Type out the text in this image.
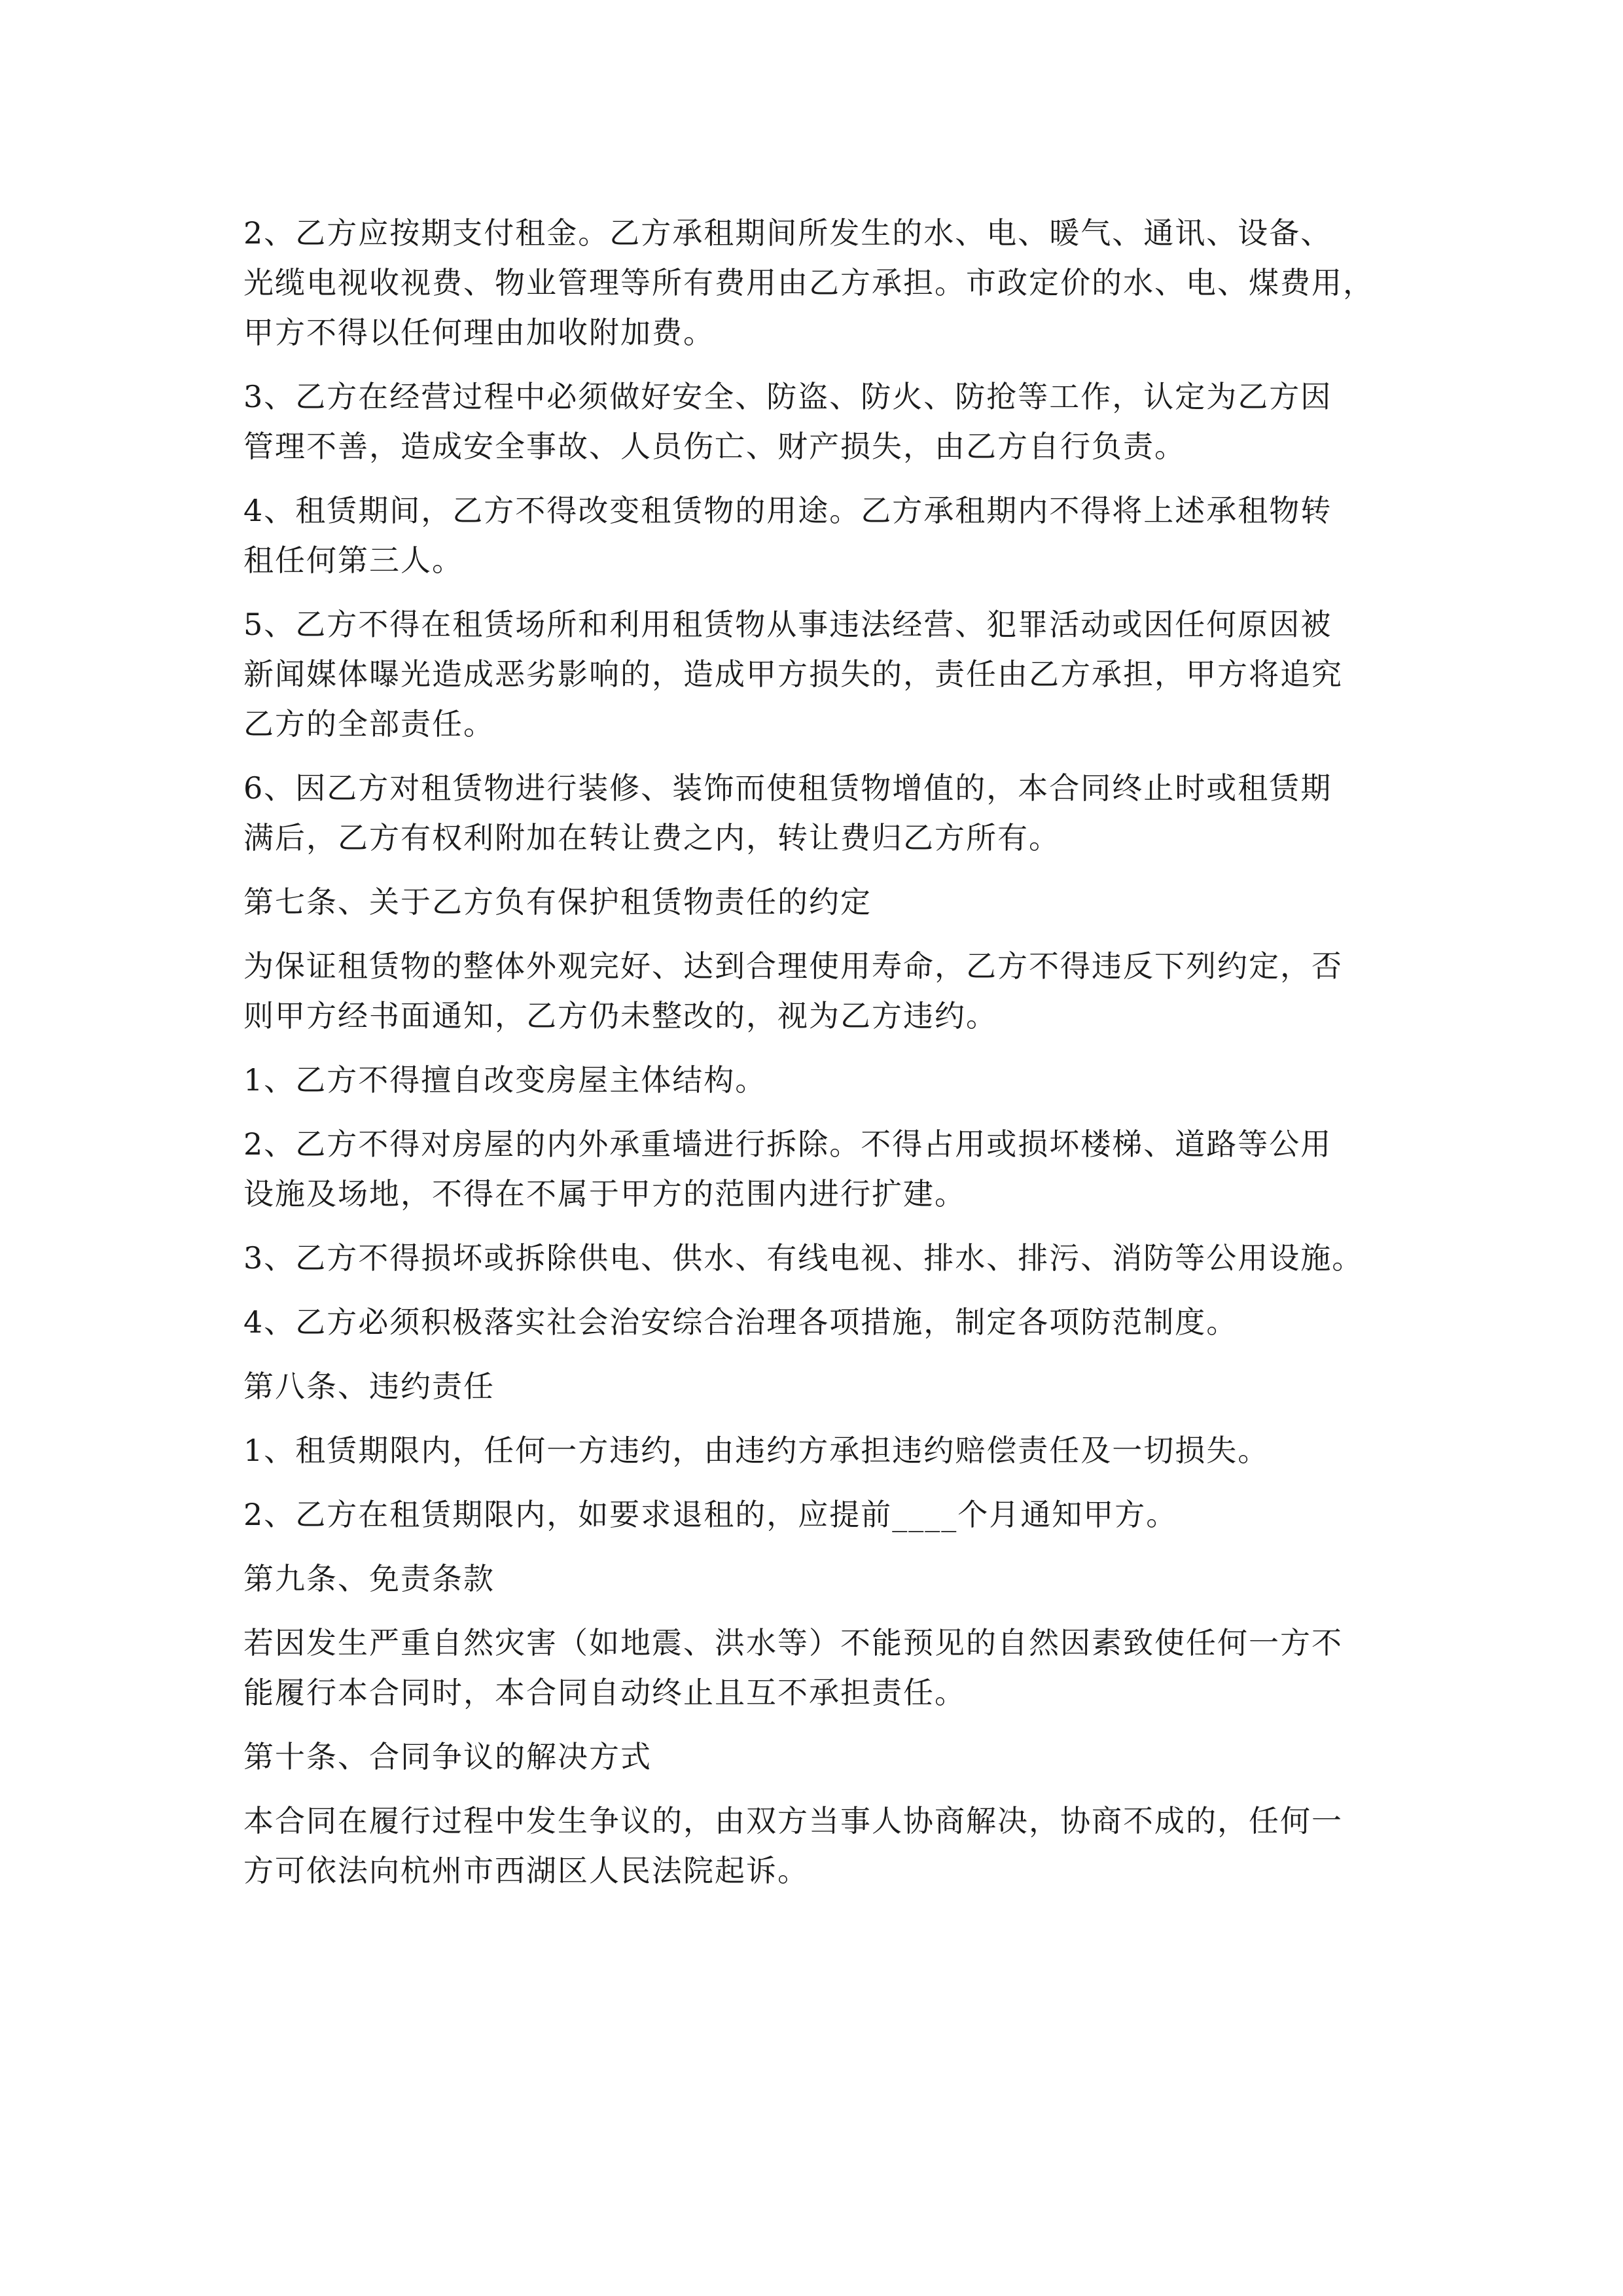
2、乙方应按期支付租金。乙方承租期间所发生的水、电、暖气、通讯、设备、
光缆电视收视费、物业管理等所有费用由乙方承担。市政定价的水、电、煤费用，
甲方不得以任何理由加收附加费。
3、乙方在经营过程中必须做好安全、防盗、防火、防抢等工作，认定为乙方因
管理不善，造成安全事故、人员伤亡、财产损失，由乙方自行负责。
4、租赁期间，乙方不得改变租赁物的用途。乙方承租期内不得将上述承租物转
租任何第三人。
5、乙方不得在租赁场所和利用租赁物从事违法经营、犯罪活动或因任何原因被
新闻媒体曝光造成恶劣影响的，造成甲方损失的，责任由乙方承担，甲方将追究
乙方的全部责任。
6、因乙方对租赁物进行装修、装饰而使租赁物增值的，本合同终止时或租赁期
满后，乙方有权利附加在转让费之内，转让费归乙方所有。
第七条、关于乙方负有保护租赁物责任的约定
为保证租赁物的整体外观完好、达到合理使用寿命，乙方不得违反下列约定，否
则甲方经书面通知，乙方仍未整改的，视为乙方违约。
1、乙方不得擅自改变房屋主体结构。
2、乙方不得对房屋的内外承重墙进行拆除。不得占用或损坏楼梯、道路等公用
设施及场地，不得在不属于甲方的范围内进行扩建。
3、乙方不得损坏或拆除供电、供水、有线电视、排水、排污、消防等公用设施。
4、乙方必须积极落实社会治安综合治理各项措施，制定各项防范制度。
第八条、违约责任
1、租赁期限内，任何一方违约，由违约方承担违约赔偿责任及一切损失。
2、乙方在租赁期限内，如要求退租的，应提前____个月通知甲方。
第九条、免责条款
若因发生严重自然灾害（如地震、洪水等）不能预见的自然因素致使任何一方不
能履行本合同时，本合同自动终止且互不承担责任。
第十条、合同争议的解决方式
本合同在履行过程中发生争议的，由双方当事人协商解决，协商不成的，任何一
方可依法向杭州市西湖区人民法院起诉。
